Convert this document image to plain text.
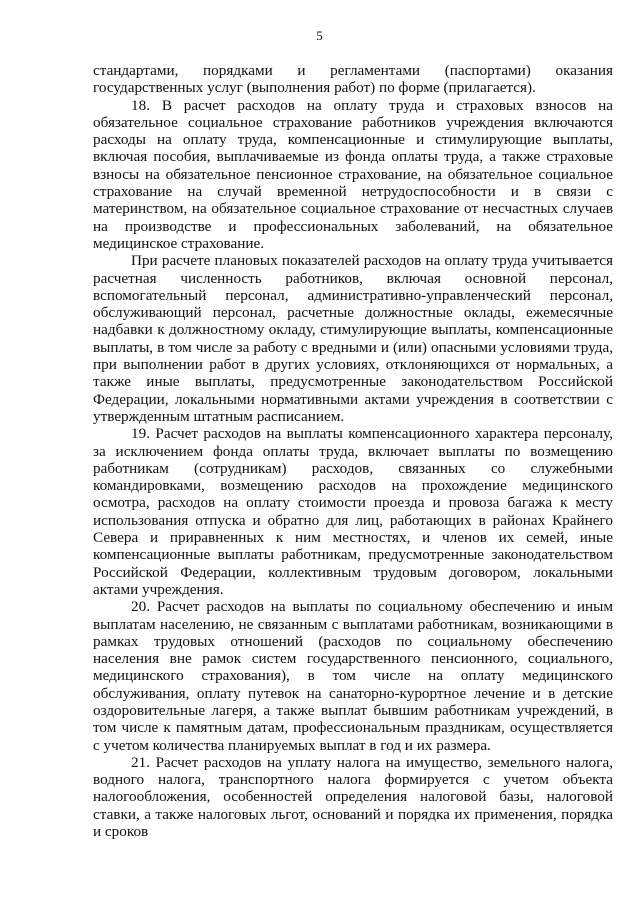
5

стандартами, порядками и регламентами (паспортами) оказания государственных услуг (выполнения работ) по форме (прилагается).

18. В расчет расходов на оплату труда и страховых взносов на обязательное социальное страхование работников учреждения включаются расходы на оплату труда, компенсационные и стимулирующие выплаты, включая пособия, выплачиваемые из фонда оплаты труда, а также страховые взносы на обязательное пенсионное страхование, на обязательное социальное страхование на случай временной нетрудоспособности и в связи с материнством, на обязательное социальное страхование от несчастных случаев на производстве и профессиональных заболеваний, на обязательное медицинское страхование.

При расчете плановых показателей расходов на оплату труда учитывается расчетная численность работников, включая основной персонал, вспомогательный персонал, административно-управленческий персонал, обслуживающий персонал, расчетные должностные оклады, ежемесячные надбавки к должностному окладу, стимулирующие выплаты, компенсационные выплаты, в том числе за работу с вредными и (или) опасными условиями труда, при выполнении работ в других условиях, отклоняющихся от нормальных, а также иные выплаты, предусмотренные законодательством Российской Федерации, локальными нормативными актами учреждения в соответствии с утвержденным штатным расписанием.

19. Расчет расходов на выплаты компенсационного характера персоналу, за исключением фонда оплаты труда, включает выплаты по возмещению работникам (сотрудникам) расходов, связанных со служебными командировками, возмещению расходов на прохождение медицинского осмотра, расходов на оплату стоимости проезда и провоза багажа к месту использования отпуска и обратно для лиц, работающих в районах Крайнего Севера и приравненных к ним местностях, и членов их семей, иные компенсационные выплаты работникам, предусмотренные законодательством Российской Федерации, коллективным трудовым договором, локальными актами учреждения.

20. Расчет расходов на выплаты по социальному обеспечению и иным выплатам населению, не связанным с выплатами работникам, возникающими в рамках трудовых отношений (расходов по социальному обеспечению населения вне рамок систем государственного пенсионного, социального, медицинского страхования), в том числе на оплату медицинского обслуживания, оплату путевок на санаторно-курортное лечение и в детские оздоровительные лагеря, а также выплат бывшим работникам учреждений, в том числе к памятным датам, профессиональным праздникам, осуществляется с учетом количества планируемых выплат в год и их размера.

21. Расчет расходов на уплату налога на имущество, земельного налога, водного налога, транспортного налога формируется с учетом объекта налогообложения, особенностей определения налоговой базы, налоговой ставки, а также налоговых льгот, оснований и порядка их применения, порядка и сроков
